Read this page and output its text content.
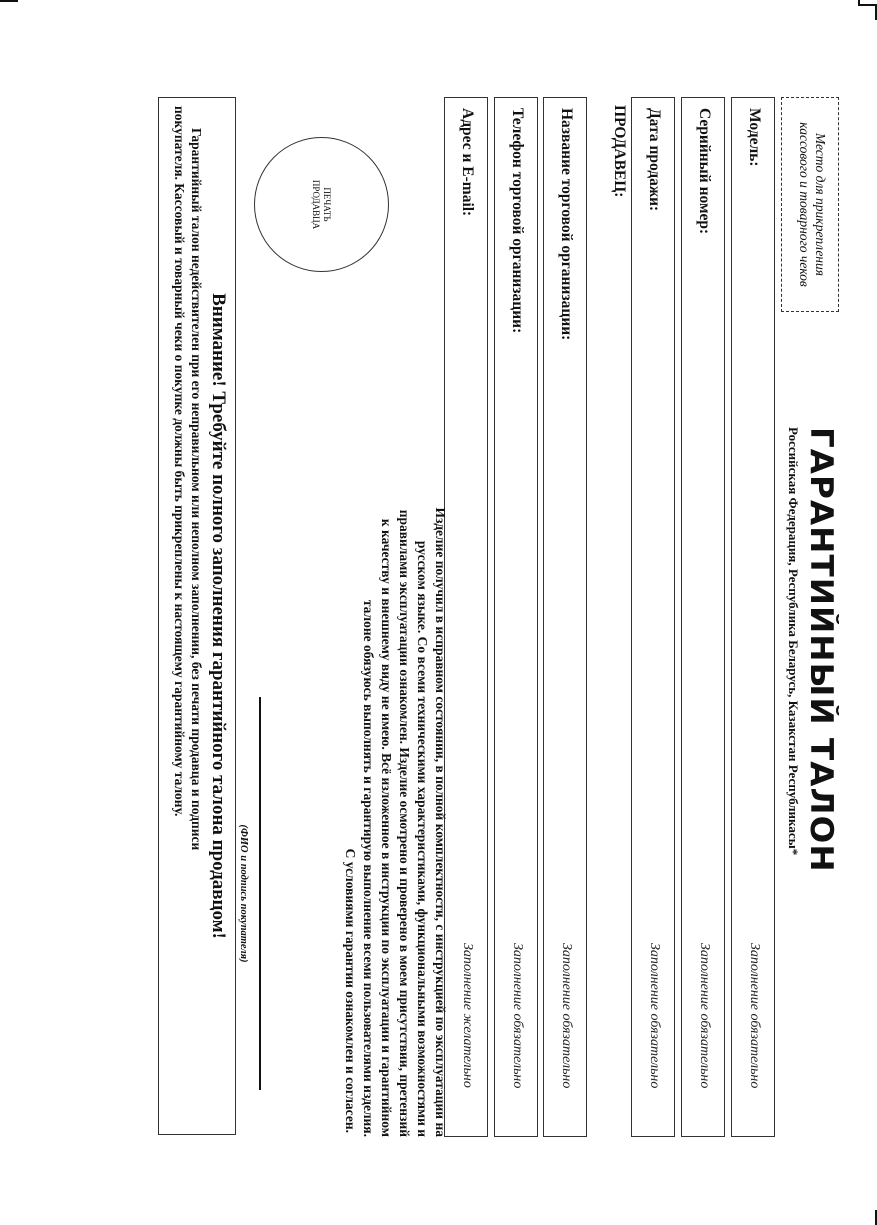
Место для прикрепления
кассового и товарного чеков
ГАРАНТИЙНЫЙ ТАЛОН
Российская Федерация, Республика Беларусь, Казакстан Республикасы*
Модель:
Заполнение обязательно
Серийный номер:
Заполнение обязательно
Дата продажи:
Заполнение обязательно
ПРОДАВЕЦ:
Название торговой организации:
Заполнение обязательно
Телефон торговой организации:
Заполнение обязательно
Адрес и E-mail:
Заполнение желательно
ПЕЧАТЬ
ПРОДАВЦА
Изделие получил в исправном состоянии, в полной комплектности, с инструкцией по эксплуатации на
русском языке. Со всеми техническими характеристиками, функциональными возможностями и
правилами эксплуатации ознакомлен. Изделие осмотрено и проверено в моем присутствии, претензий
к качеству и внешнему виду не имею. Всё изложенное в инструкции по эксплуатации и гарантийном
талоне обязуюсь выполнять и гарантирую выполнение всеми пользователями изделия.
С условиями гарантии ознакомлен и согласен.
(ФИО и подпись покупателя)
Внимание! Требуйте полного заполнения гарантийного талона продавцом!
Гарантийный талон недействителен при его неправильном или неполном заполнении, без печати продавца и подписи
покупателя. Кассовый и товарный чеки о покупке должны быть прикреплены к настоящему гарантийному талону.
